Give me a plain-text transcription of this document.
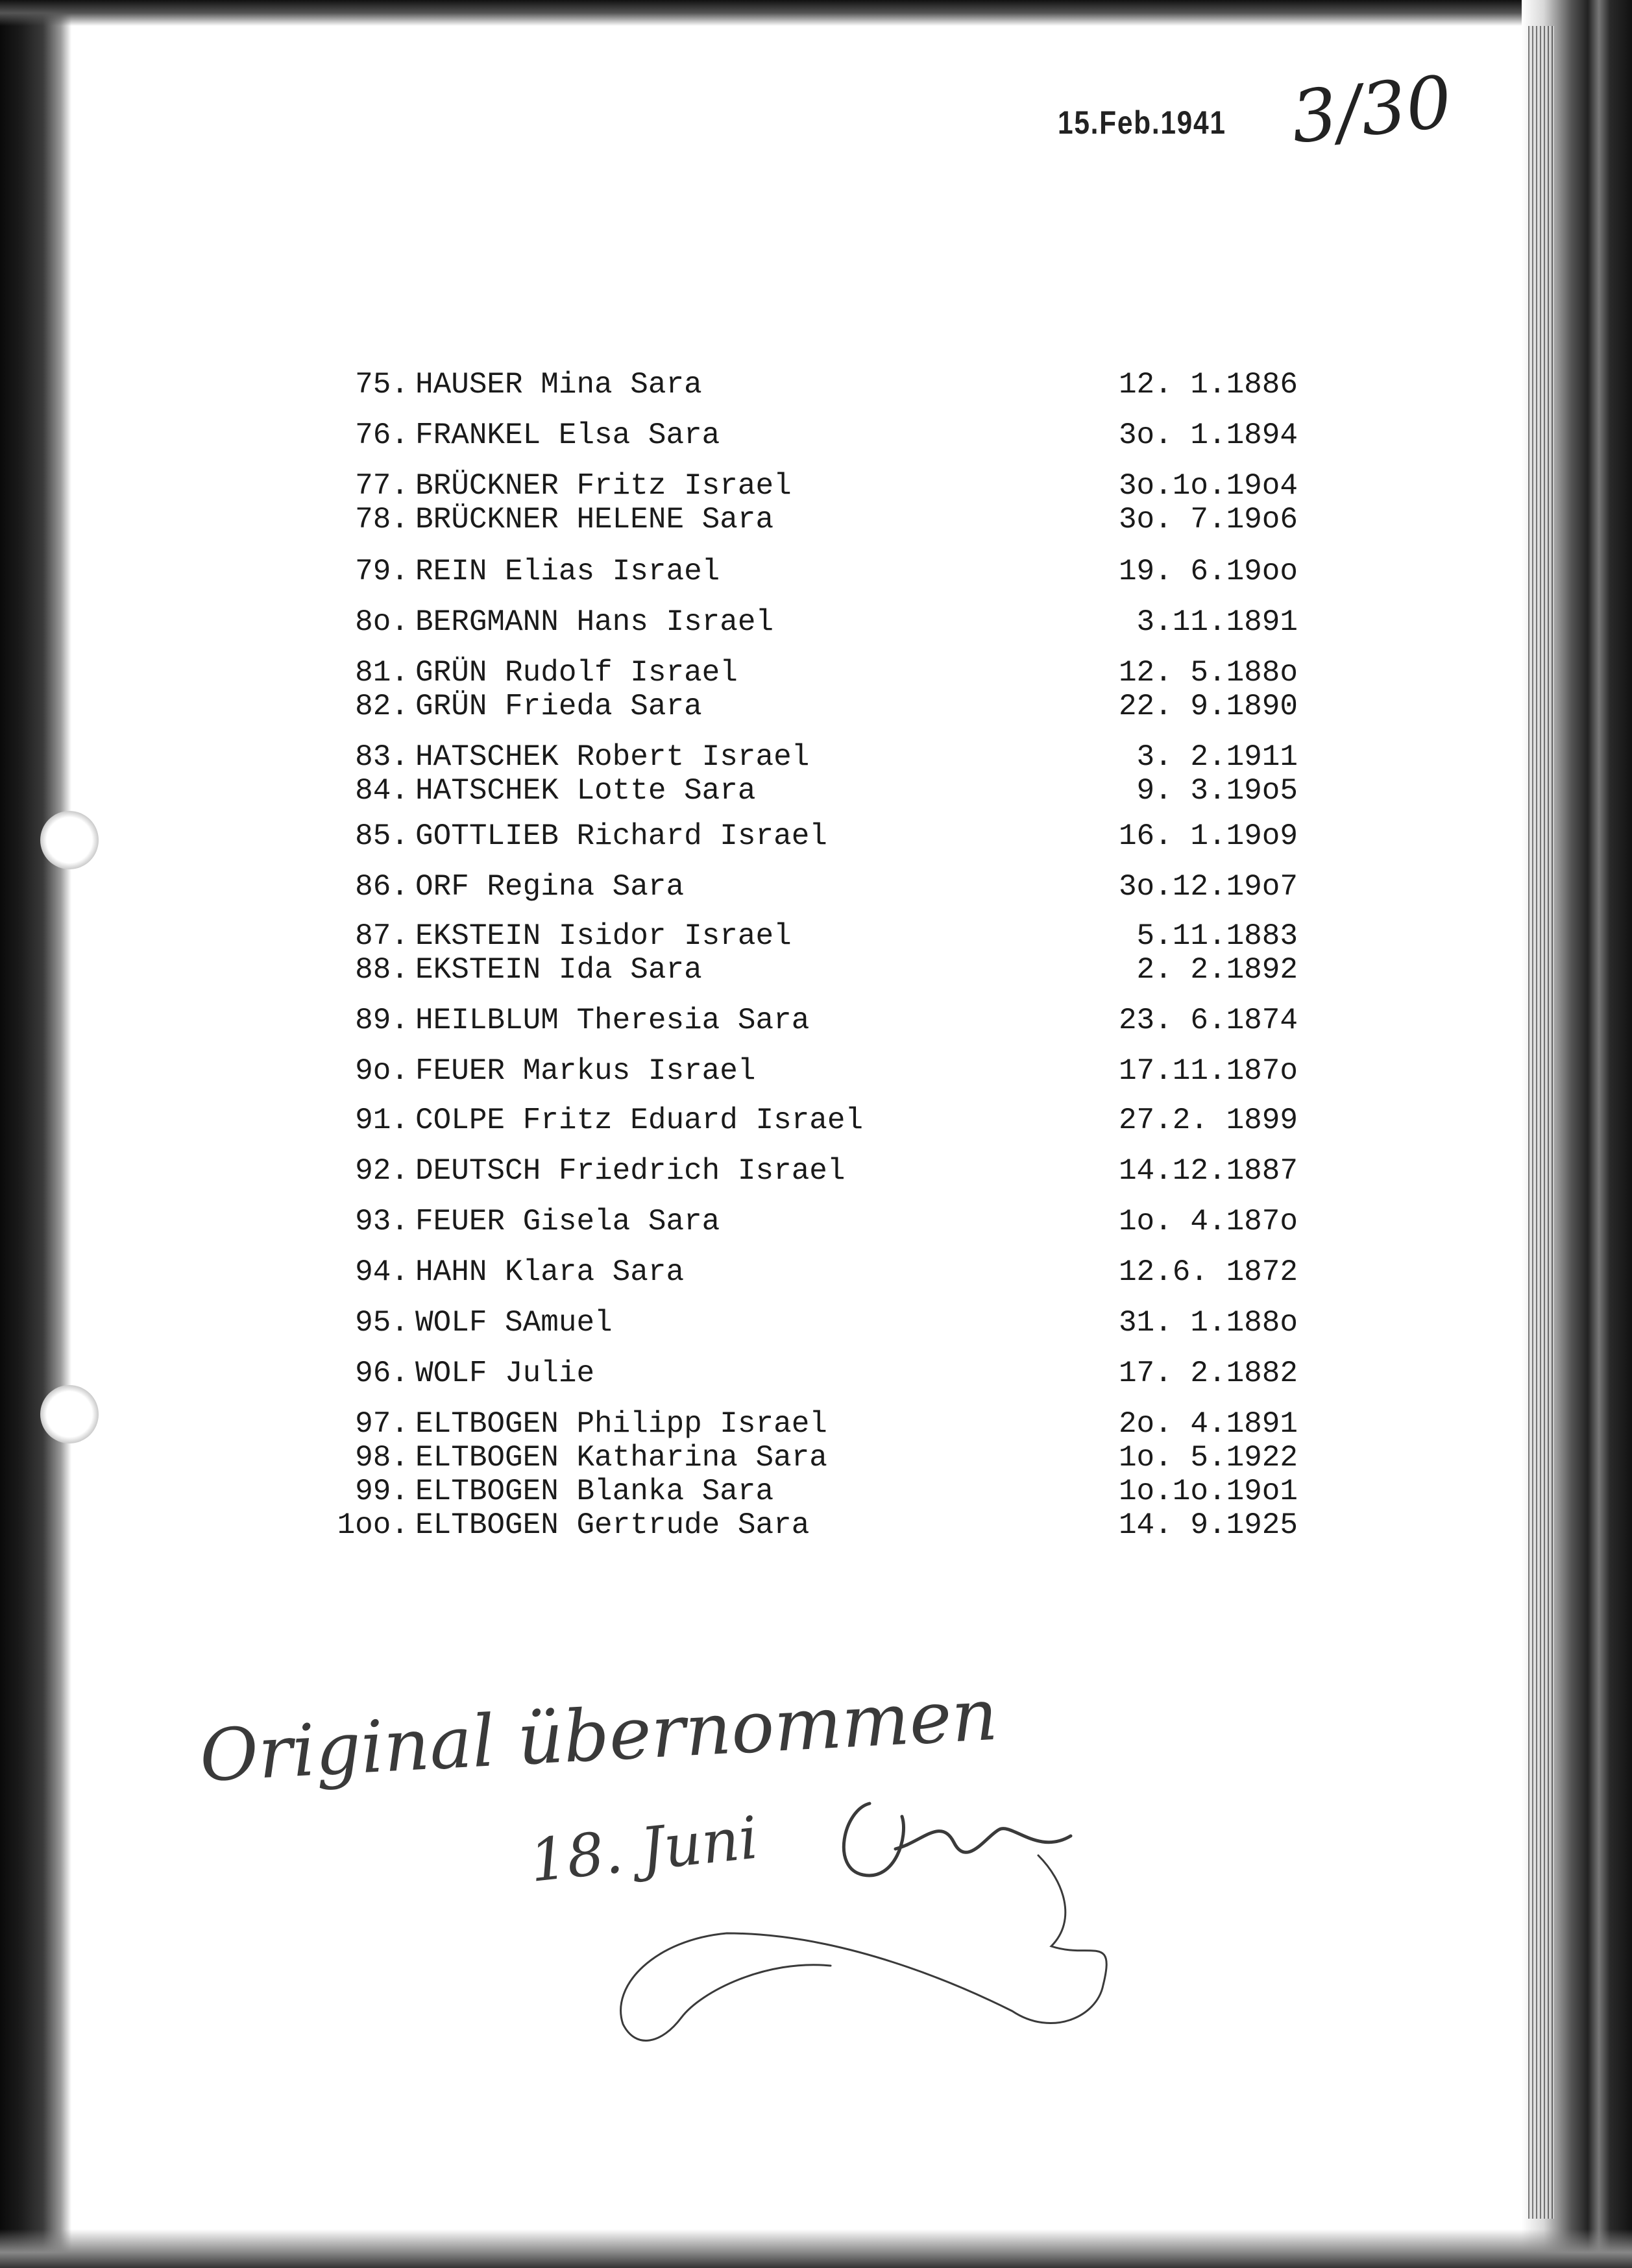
15.Feb.1941 3/30
75. HAUSER Mina Sara	12. 1.1886
76. FRANKEL Elsa Sara	3o. 1.1894
77. BRÜCKNER Fritz Israel	3o.1o.19o4
78. BRÜCKNER HELENE Sara	3o. 7.19o6
79. REIN Elias Israel	19. 6.19oo
8o. BERGMANN Hans Israel	3.11.1891
81. GRÜN Rudolf Israel	12. 5.188o
82. GRÜN Frieda Sara	22. 9.1890
83. HATSCHEK Robert Israel	3. 2.1911
84. HATSCHEK Lotte Sara	9. 3.19o5
85. GOTTLIEB Richard Israel	16. 1.19o9
86. ORF Regina Sara	3o.12.19o7
87. EKSTEIN Isidor Israel	5.11.1883
88. EKSTEIN Ida Sara	2. 2.1892
89. HEILBLUM Theresia Sara	23. 6.1874
9o. FEUER Markus Israel	17.11.187o
91. COLPE Fritz Eduard Israel	27.2. 1899
92. DEUTSCH Friedrich Israel	14.12.1887
93. FEUER Gisela Sara	1o. 4.187o
94. HAHN Klara Sara	12.6. 1872
95. WOLF SAmuel	31. 1.188o
96. WOLF Julie	17. 2.1882
97. ELTBOGEN Philipp Israel	2o. 4.1891
98. ELTBOGEN Katharina Sara	1o. 5.1922
99. ELTBOGEN Blanka Sara	1o.1o.19o1
1oo. ELTBOGEN Gertrude Sara	14. 9.1925
Original übernommen
18. Juni
